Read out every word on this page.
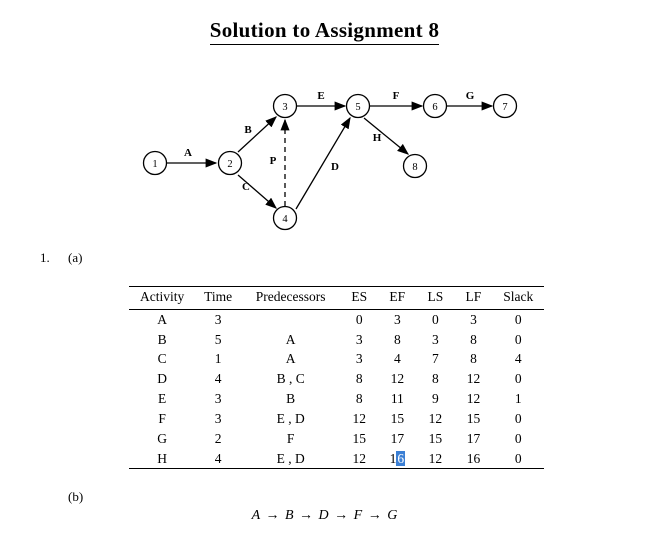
Solution to Assignment 8
A
B
C
P	D
E	F	G
H
1	2
3
4
5	6	7
8
1. (a)
Activity	Time	Predecessors	ES	EF	LS	LF	Slack
A	3		0	3	0	3	0
B	5	A	3	8	3	8	0
C	1	A	3	4	7	8	4
D	4	B , C	8	12	8	12	0
E	3	B	8	11	9	12	1
F	3	E , D	12	15	12	15	0
G	2	F	15	17	15	17	0
H	4	E , D	12	16	12	16	0
(b)
A → B → D → F → G
